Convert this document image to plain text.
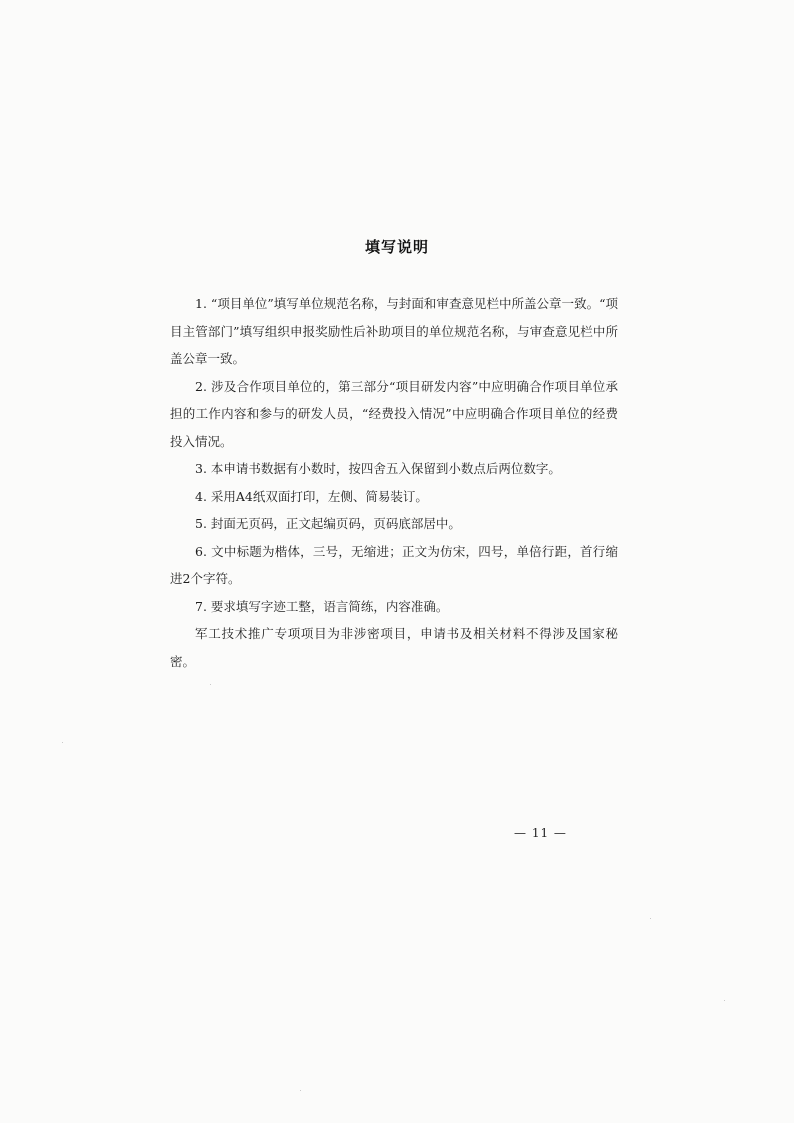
填写说明

1. “项目单位”填写单位规范名称，与封面和审查意见栏中所盖公章一致。“项目主管部门”填写组织申报奖励性后补助项目的单位规范名称，与审查意见栏中所盖公章一致。

2. 涉及合作项目单位的，第三部分“项目研发内容”中应明确合作项目单位承担的工作内容和参与的研发人员，“经费投入情况”中应明确合作项目单位的经费投入情况。

3. 本申请书数据有小数时，按四舍五入保留到小数点后两位数字。

4. 采用A4纸双面打印，左侧、简易装订。

5. 封面无页码，正文起编页码，页码底部居中。

6. 文中标题为楷体，三号，无缩进；正文为仿宋，四号，单倍行距，首行缩进2个字符。

7. 要求填写字迹工整，语言简练，内容准确。

军工技术推广专项项目为非涉密项目，申请书及相关材料不得涉及国家秘密。

— 11 —
